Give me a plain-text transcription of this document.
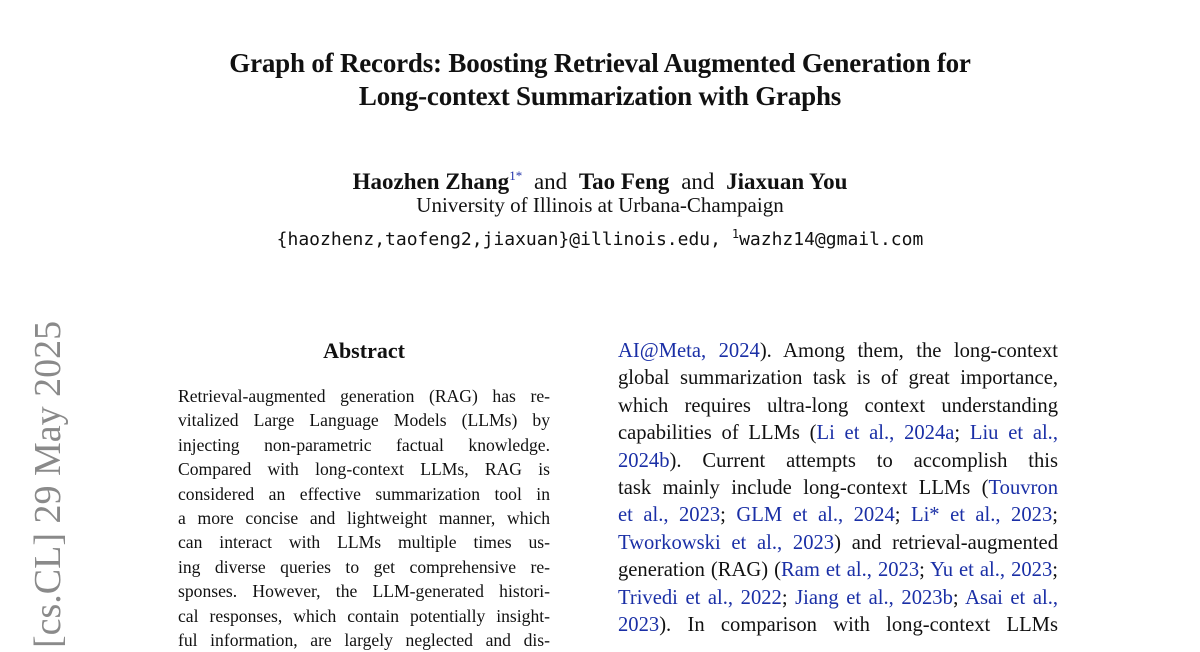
Graph of Records: Boosting Retrieval Augmented Generation for
Long-context Summarization with Graphs
Haozhen Zhang$^{1*}$ and Tao Feng and Jiaxuan You
University of Illinois at Urbana-Champaign
{haozhenz,taofeng2,jiaxuan}@illinois.edu, $^1$wazhz14@gmail.com
[cs.CL] 29 May 2025	Abstract
Retrieval-augmented generation (RAG) has re-
vitalized Large Language Models (LLMs) by
injecting non-parametric factual knowledge.
Compared with long-context LLMs, RAG is
considered an effective summarization tool in
a more concise and lightweight manner, which
can interact with LLMs multiple times us-
ing diverse queries to get comprehensive re-
sponses. However, the LLM-generated histori-
cal responses, which contain potentially insight-
ful information, are largely neglected and dis-
AI@Meta, 2024). Among them, the long-context
global summarization task is of great importance,
which requires ultra-long context understanding
capabilities of LLMs (Li et al., 2024a; Liu et al.,
2024b). Current attempts to accomplish this
task mainly include long-context LLMs (Touvron
et al., 2023; GLM et al., 2024; Li* et al., 2023;
Tworkowski et al., 2023) and retrieval-augmented
generation (RAG) (Ram et al., 2023; Yu et al., 2023;
Trivedi et al., 2022; Jiang et al., 2023b; Asai et al.,
2023). In comparison with long-context LLMs
